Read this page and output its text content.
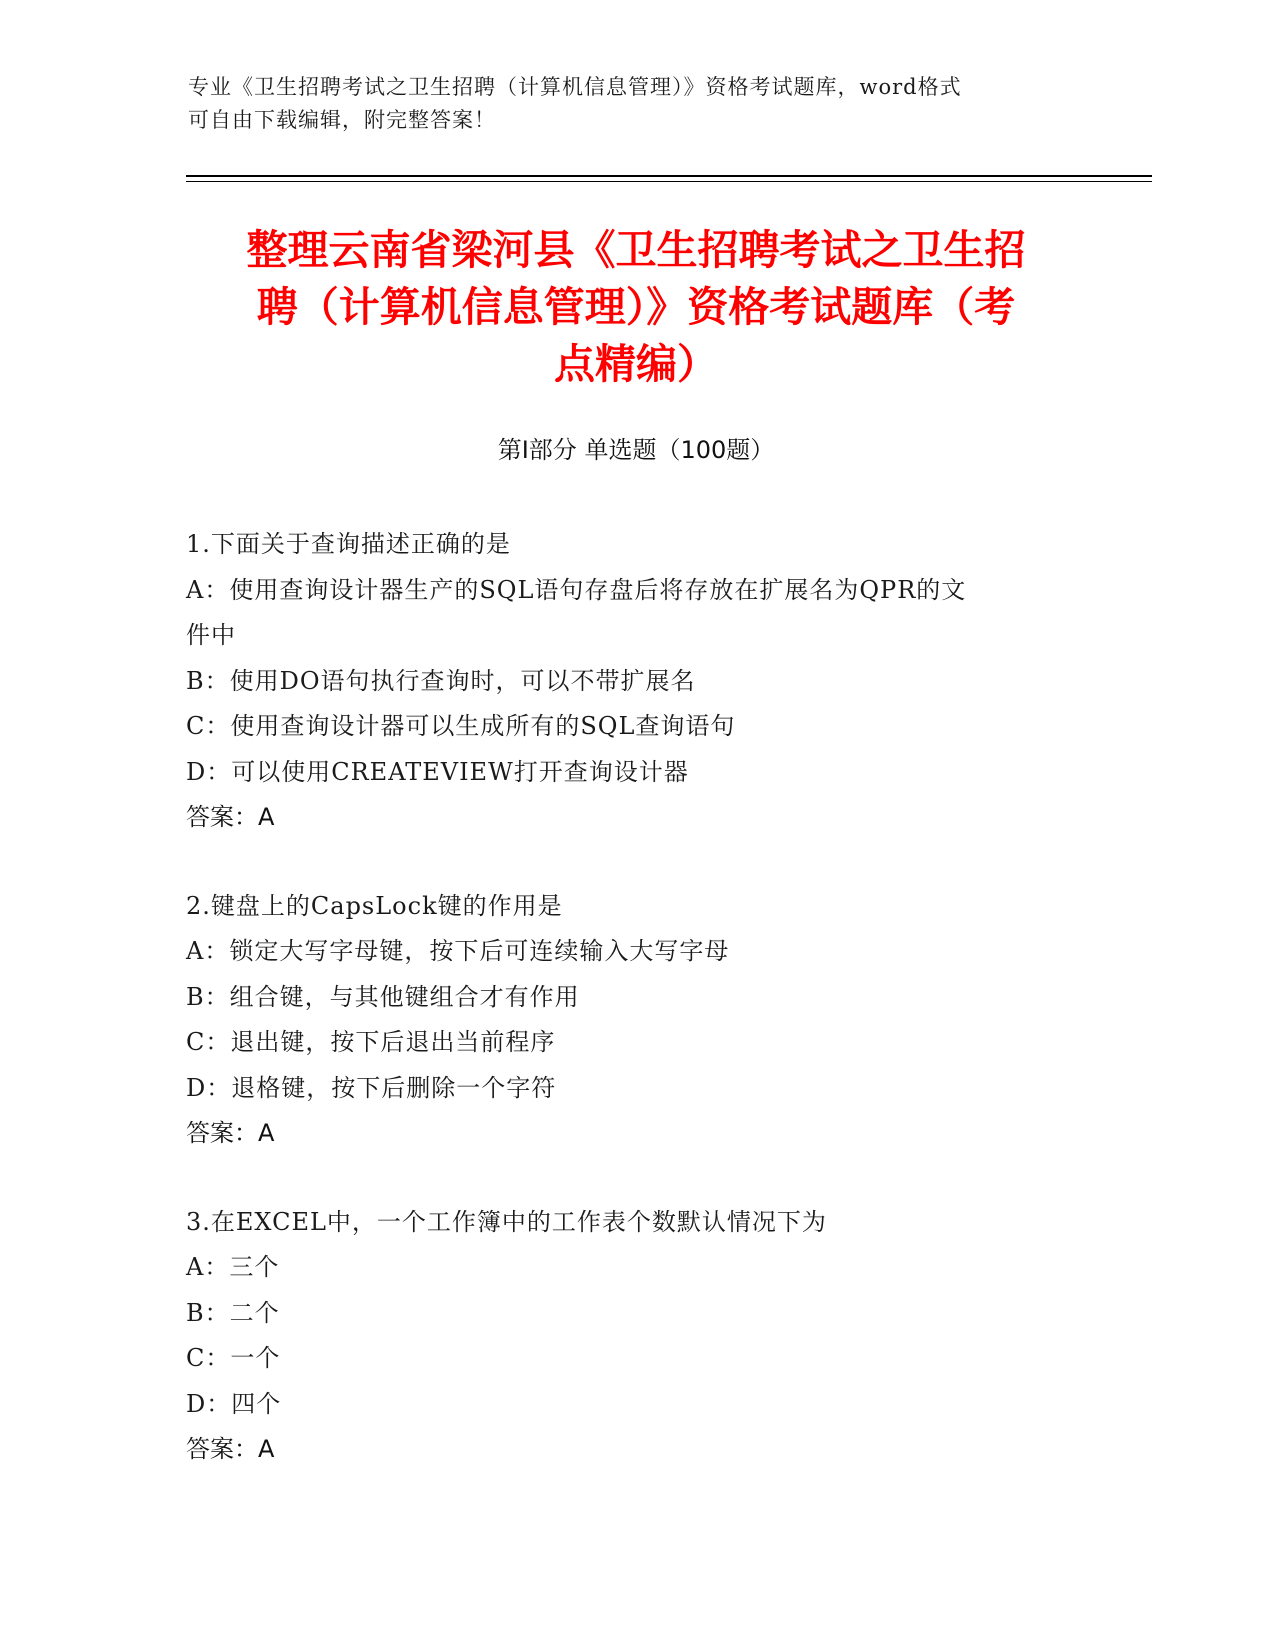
专业《卫生招聘考试之卫生招聘（计算机信息管理）》资格考试题库，word格式
可自由下载编辑，附完整答案！
整理云南省梁河县《卫生招聘考试之卫生招
聘（计算机信息管理）》资格考试题库（考
点精编）
第Ⅰ部分 单选题（100题）
1.下面关于查询描述正确的是
A：使用查询设计器生产的SQL语句存盘后将存放在扩展名为QPR的文
件中
B：使用DO语句执行查询时，可以不带扩展名
C：使用查询设计器可以生成所有的SQL查询语句
D：可以使用CREATEVIEW打开查询设计器
答案：A
2.键盘上的CapsLock键的作用是
A：锁定大写字母键，按下后可连续输入大写字母
B：组合键，与其他键组合才有作用
C：退出键，按下后退出当前程序
D：退格键，按下后删除一个字符
答案：A
3.在EXCEL中，一个工作簿中的工作表个数默认情况下为
A：三个
B：二个
C：一个
D：四个
答案：A
